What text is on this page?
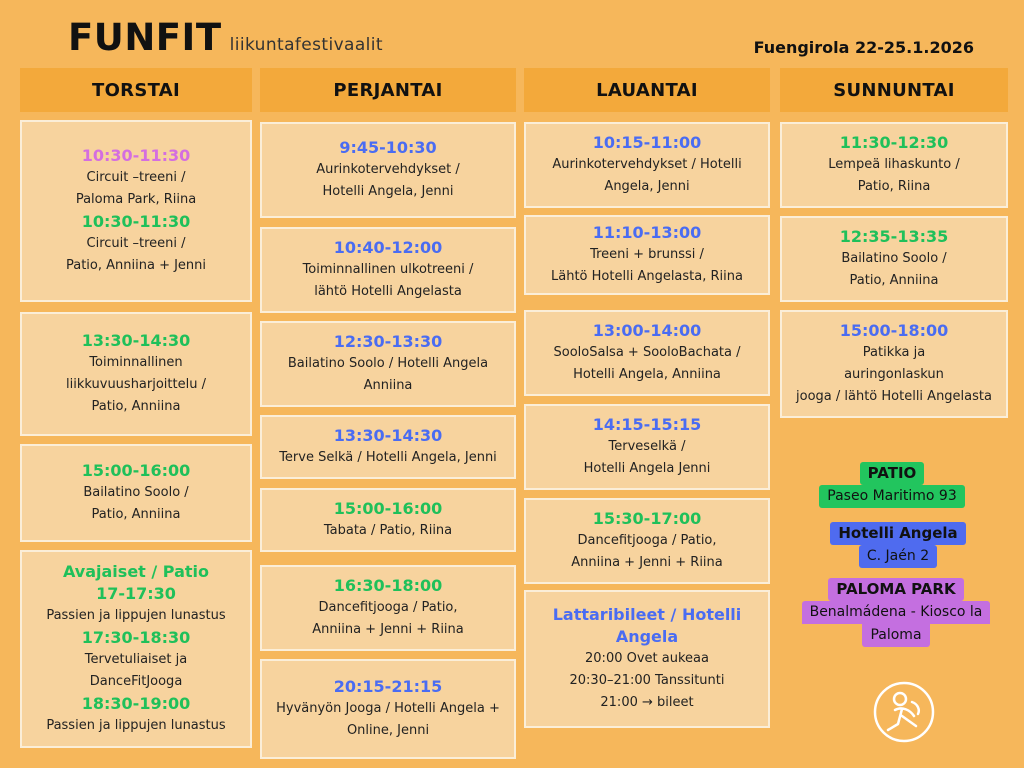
FUNFIT liikuntafestivaalit	Fuengirola 22-25.1.2026
TORSTAI
10:30-11:30
Circuit –treeni /
Paloma Park, Riina
10:30-11:30
Circuit –treeni /
Patio, Anniina + Jenni
13:30-14:30
Toiminnallinen
liikkuvuusharjoittelu /
Patio, Anniina
15:00-16:00
Bailatino Soolo /
Patio, Anniina
Avajaiset / Patio
17-17:30
Passien ja lippujen lunastus
17:30-18:30
Tervetuliaiset ja
DanceFitJooga
18:30-19:00
Passien ja lippujen lunastus
PERJANTAI
9:45-10:30
Aurinkotervehdykset /
Hotelli Angela, Jenni
10:40-12:00
Toiminnallinen ulkotreeni /
lähtö Hotelli Angelasta
12:30-13:30
Bailatino Soolo / Hotelli Angela
Anniina
13:30-14:30
Terve Selkä / Hotelli Angela, Jenni
15:00-16:00
Tabata / Patio, Riina
16:30-18:00
Dancefitjooga / Patio,
Anniina + Jenni + Riina
20:15-21:15
Hyvänyön Jooga / Hotelli Angela +
Online, Jenni
LAUANTAI
10:15-11:00
Aurinkotervehdykset / Hotelli
Angela, Jenni
11:10-13:00
Treeni + brunssi /
Lähtö Hotelli Angelasta, Riina
13:00-14:00
SooloSalsa + SooloBachata /
Hotelli Angela, Anniina
14:15-15:15
Terveselkä /
Hotelli Angela Jenni
15:30-17:00
Dancefitjooga / Patio,
Anniina + Jenni + Riina
Lattaribileet / Hotelli
Angela
20:00 Ovet aukeaa
20:30–21:00 Tanssitunti
21:00 → bileet
SUNNUNTAI
11:30-12:30
Lempeä lihaskunto /
Patio, Riina
12:35-13:35
Bailatino Soolo /
Patio, Anniina
15:00-18:00
Patikka ja
auringonlaskun
jooga / lähtö Hotelli Angelasta
PATIO
Paseo Maritimo 93
Hotelli Angela
C. Jaén 2
PALOMA PARK
Benalmádena - Kiosco la
Paloma
